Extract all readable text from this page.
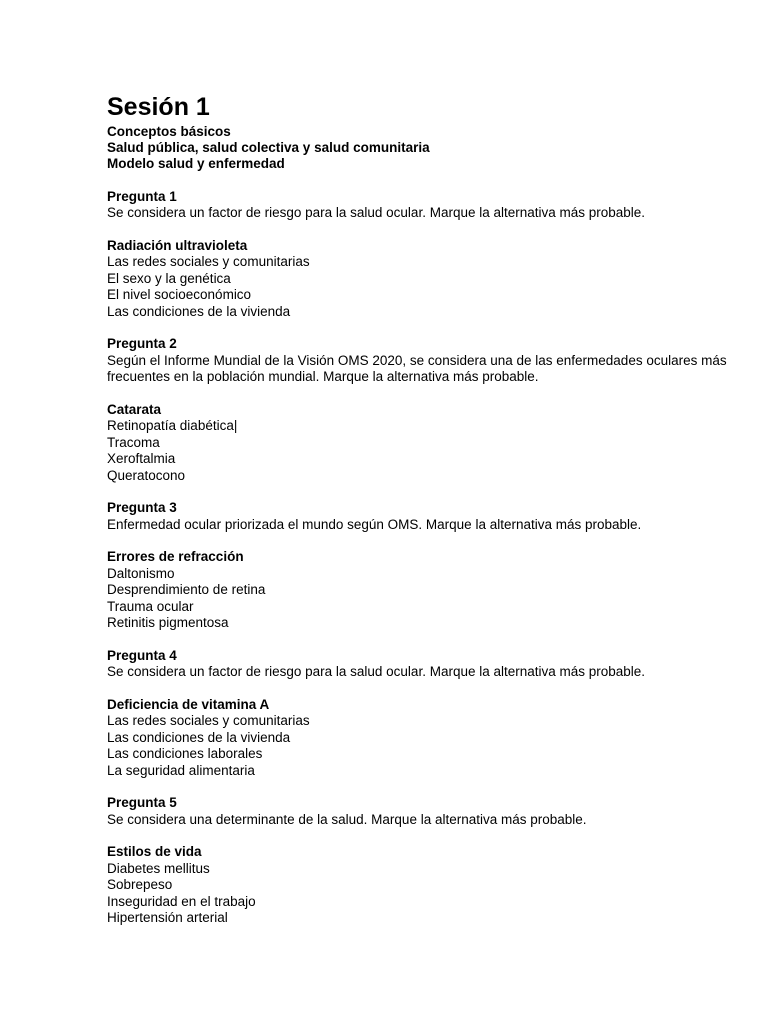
Sesión 1
Conceptos básicos
Salud pública, salud colectiva y salud comunitaria
Modelo salud y enfermedad
Pregunta 1
Se considera un factor de riesgo para la salud ocular. Marque la alternativa más probable.
Radiación ultravioleta
Las redes sociales y comunitarias
El sexo y la genética
El nivel socioeconómico
Las condiciones de la vivienda
Pregunta 2
Según el Informe Mundial de la Visión OMS 2020, se considera una de las enfermedades oculares más frecuentes en la población mundial. Marque la alternativa más probable.
Catarata
Retinopatía diabética|
Tracoma
Xeroftalmia
Queratocono
Pregunta 3
Enfermedad ocular priorizada el mundo según OMS. Marque la alternativa más probable.
Errores de refracción
Daltonismo
Desprendimiento de retina
Trauma ocular
Retinitis pigmentosa
Pregunta 4
Se considera un factor de riesgo para la salud ocular. Marque la alternativa más probable.
Deficiencia de vitamina A
Las redes sociales y comunitarias
Las condiciones de la vivienda
Las condiciones laborales
La seguridad alimentaria
Pregunta 5
Se considera una determinante de la salud. Marque la alternativa más probable.
Estilos de vida
Diabetes mellitus
Sobrepeso
Inseguridad en el trabajo
Hipertensión arterial
